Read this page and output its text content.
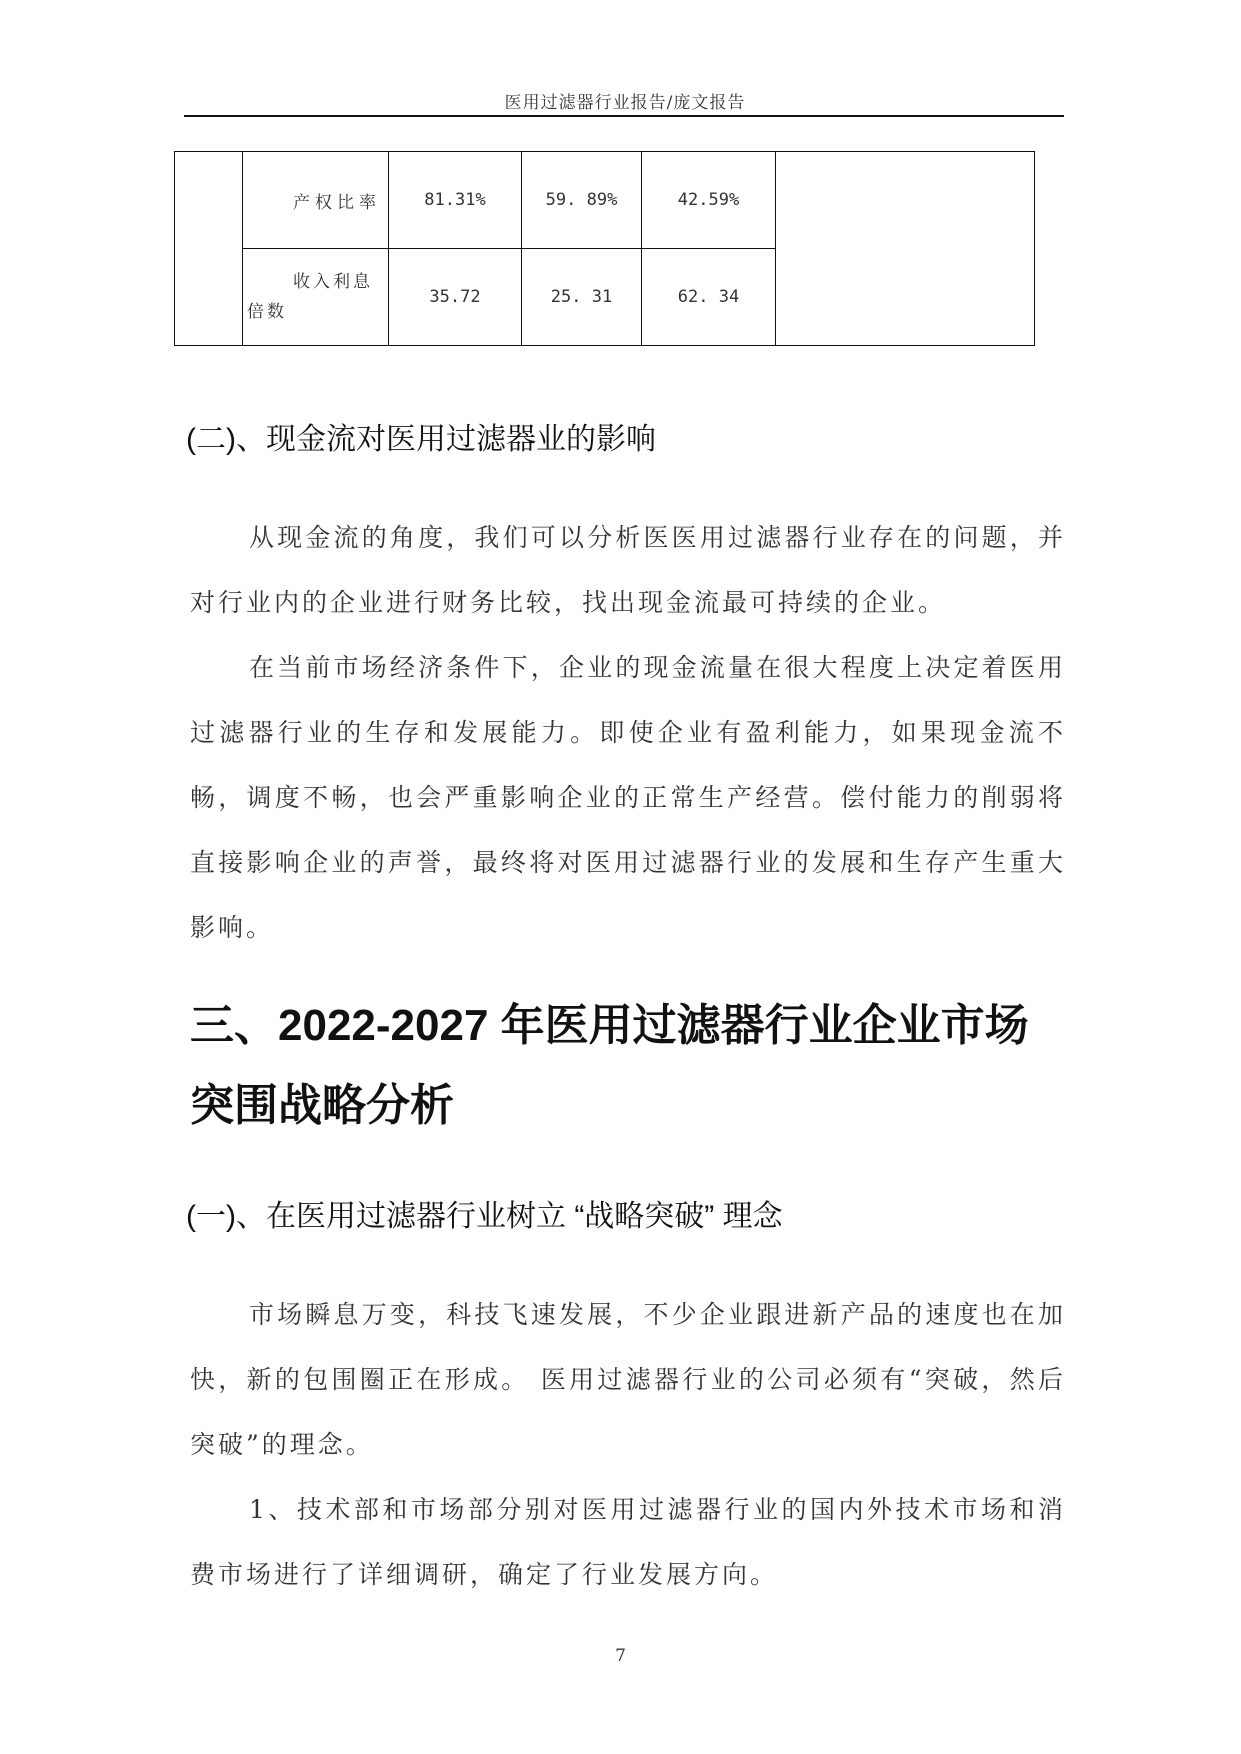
医用过滤器行业报告/庞文报告
	产权比率	81.31%	59. 89%	42.59%	

	收入利息
倍数	35.72	25. 31	62. 34	
(二)、现金流对医用过滤器业的影响

从现金流的角度，我们可以分析医医用过滤器行业存在的问题，并对行业内的企业进行财务比较，找出现金流最可持续的企业。

在当前市场经济条件下，企业的现金流量在很大程度上决定着医用过滤器行业的生存和发展能力。即使企业有盈利能力，如果现金流不畅，调度不畅，也会严重影响企业的正常生产经营。偿付能力的削弱将直接影响企业的声誉，最终将对医用过滤器行业的发展和生存产生重大影响。

三、2022-2027 年医用过滤器行业企业市场
突围战略分析
(一)、在医用过滤器行业树立 “战略突破” 理念

市场瞬息万变，科技飞速发展，不少企业跟进新产品的速度也在加快，新的包围圈正在形成。 医用过滤器行业的公司必须有“突破，然后突破”的理念。

1、技术部和市场部分别对医用过滤器行业的国内外技术市场和消费市场进行了详细调研，确定了行业发展方向。

7
